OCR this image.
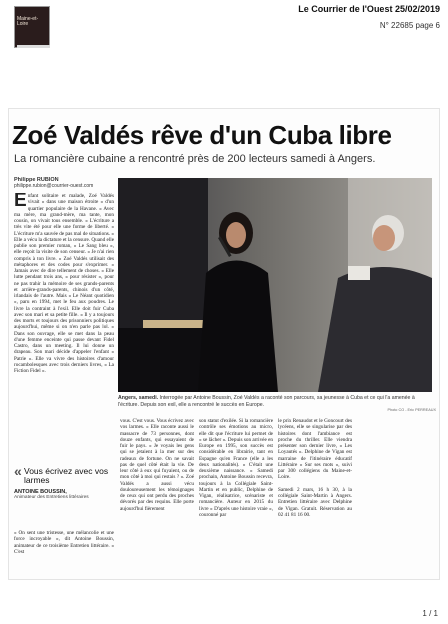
Maine-et-Loire
Le Courrier de l'Ouest 25/02/2019
N° 22685 page 6
Zoé Valdés rêve d'un Cuba libre
La romancière cubaine a rencontré près de 200 lecteurs samedi à Angers.
Philippe RUBION
philippe.rubion@courrier-ouest.com
Enfant solitaire et malade, Zoé Valdés vivait « dans une maison étroite » d'un quartier populaire de la Havane. « Avec ma mère, ma grand-mère, ma tante, mon cousin, on vivait tous ensemble. » L'écriture a très vite été pour elle une forme de liberté. « L'écriture m'a sauvée de pas mal de situations. » Elle a vécu la dictature et la censure. Quand elle publie son premier roman, « Le Sang bleu », elle reçoit la visite de son censeur. « Je n'ai rien compris à ton livre. » Zoé Valdés utilisait des métaphores et des codes pour s'exprimer. « Jamais avec de dire tellement de choses. » Elle lutte pendant trois ans, « pour résister », pour ne pas trahir la mémoire de ses grands-parents et arrière-grands-parents, chinois d'un côté, irlandais de l'autre. Mais « Le Néant quotidien », paru en 1994, met le feu aux poudres. Le livre la contraint à l'exil. Elle doit fuir Cuba avec son mari et sa petite fille. « Il y a toujours des morts et toujours des prisonniers politiques aujourd'hui, même si on n'en parle pas lol. » Dans son ouvrage, elle se met dans la peau d'une femme enceinte qui passe devant Fidel Castro, dans un meeting. Il lui donne un drapeau. Son mari décide d'appeler l'enfant « Patrie ». Elle va vivre des histoires d'amour rocambolesques avec trois derniers livres, « La Fiction Fidel ».
Angers, samedi. Interrogée par Antoine Boussin, Zoé Valdés a raconté son parcours, sa jeunesse à Cuba et ce qui l'a amenée à l'écriture. Depuis son exil, elle a rencontré le succès en Europe.
Photo CO - Eric PERREAUX
« Vous écrivez avec vos larmes
ANTOINE BOUSSIN,
Animateur des Entretiens littéraires
« On sent une tristesse, une mélancolie et une force incroyable », dit Antoine Boussin, animateur de ce troisième Entretien littéraire. « C'est
vous. C'est vous. Vous écrivez avec vos larmes. » Elle raconte aussi le massacre de 73 personnes, dont douze enfants, qui essayaient de fuir le pays. « Je voyais les gens qui se jetaient à la mer sur des radeaux de fortune. On ne savait pas de quel côté était la vie. De leur côté à eux qui fuyaient, ou de mon côté à moi qui restais ? ». Zoé Valdés a aussi vécu douloureusement les témoignages de ceux qui ont perdu des proches dévorés par des requins. Elle porte aujourd'hui fièrement
son statut d'exilée. Si la romancière contrôle ses émotions au micro, elle dit que l'écriture lui permet de « se lâcher ». Depuis son arrivée en Europe en 1995, son succès est considérable en librairie, tant en Espagne qu'en France (elle a les deux nationalités). « C'était une deuxième naissance. » Samedi prochain, Antoine Boussin recevra, toujours à la Collégiale Saint-Martin et en public, Delphine de Vigan, réalisatrice, scénariste et romancière. Auteur en 2015 du livre « D'après une histoire vraie », couronné par
le prix Renaudot et le Goncourt des lycéens, elle se singularise par des histoires dont l'ambiance est proche du thriller. Elle viendra présenter son dernier livre, « Les Loyautés ». Delphine de Vigan est marraine de l'itinéraire éducatif Littéraire « Sur ses mots », suivi par 300 collégiens du Maine-et-Loire.

Samedi 2 mars, 16 h 30, à la collégiale Saint-Martin à Angers. Entretien littéraire avec Delphine de Vigan. Gratuit. Réservation au 02 41 81 16 00.
1 / 1
